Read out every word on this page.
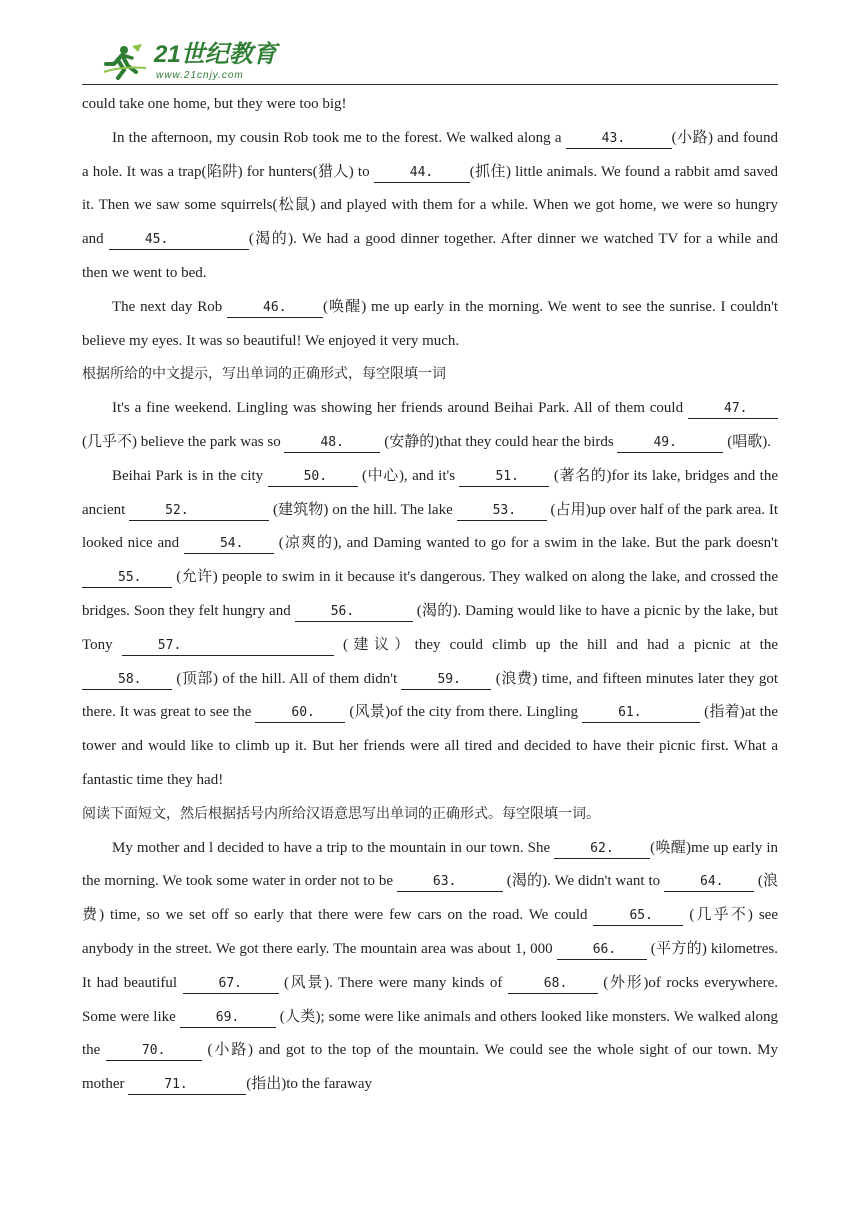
21世纪教育
www.21cnjy.com

could take one home, but they were too big!

In the afternoon, my cousin Rob took me to the forest. We walked along a	43.	(小路) and found a hole. It was a trap(陷阱) for hunters(猎人) to	44. (抓住) little animals. We found a rabbit amd saved it. Then we saw some squirrels(松鼠) and played with them for a while. When we got home, we were so hungry and	45.	(渴的). We had a good dinner together. After dinner we watched TV for a while and then we went to bed.

The next day Rob	46. (唤醒) me up early in the morning. We went to see the sunrise. I couldn't believe my eyes. It was so beautiful! We enjoyed it very much.

根据所给的中文提示，写出单词的正确形式，每空限填一词

It's a fine weekend. Lingling was showing her friends around Beihai Park. All of them could	47. (几乎不) believe the park was so	48. (安静的)that they could hear the birds	49.	(唱歌).

Beihai Park is in the city	50. (中心), and it's	51. (著名的)for its lake, bridges and the ancient	52.	(建筑物) on the hill. The lake	53. (占用)up over half of the park area. It looked nice and	54. (凉爽的), and Daming wanted to go for a swim in the lake. But the park doesn't 55. (允许) people to swim in it because it's dangerous. They walked on along the lake, and crossed the bridges. Soon they felt hungry and	56.	(渴的). Daming would like to have a picnic by the lake, but Tony	57.	(建议）they could climb up the hill and had a picnic at the 58. (顶部) of the hill. All of them didn't	59. (浪费) time, and fifteen minutes later they got there. It was great to see the	60. (风景)of the city from there. Lingling	61.	(指着)at the tower and would like to climb up it. But her friends were all tired and decided to have their picnic first. What a fantastic time they had!

阅读下面短文，然后根据括号内所给汉语意思写出单词的正确形式。每空限填一词。

My mother and l decided to have a trip to the mountain in our town. She	62. (唤醒)me up early in the morning. We took some water in order not to be	63.	(渴的). We didn't want to	64. (浪费) time, so we set off so early that there were few cars on the road. We could	65. (几乎不) see anybody in the street. We got there early. The mountain area was about 1, 000	66. (平方的) kilometres. It had beautiful	67. (风景). There were many kinds of	68. (外形)of rocks everywhere. Some were like	69. (人类); some were like animals and others looked like monsters. We walked along the	70. (小路) and got to the top of the mountain. We could see the whole sight of our town. My mother	71.	(指出)to the faraway
